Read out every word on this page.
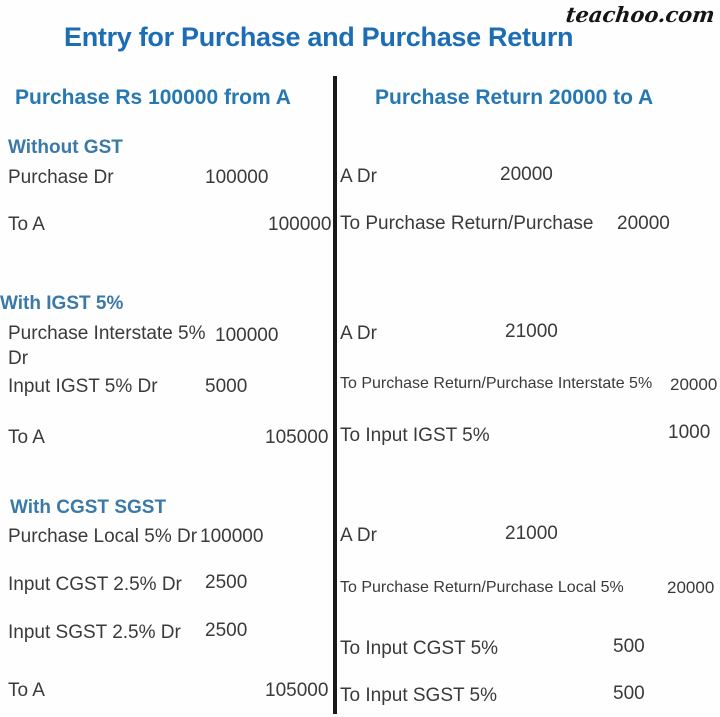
teachoo.com
Entry for Purchase and Purchase Return
Purchase Rs 100000 from A	Purchase Return 20000 to A
Without GST
Purchase Dr	100000
To A	100000
With IGST 5%
Purchase Interstate 5% Dr
100000
Input IGST 5% Dr 5000
To A	105000
With CGST SGST
Purchase Local 5% Dr 100000
Input CGST 2.5% Dr 2500
Input SGST 2.5% Dr 2500
To A	105000
A Dr	20000
To Purchase Return/Purchase 20000
A Dr	21000
To Purchase Return/Purchase Interstate 5% 20000
To Input IGST 5%	1000
A Dr	21000
To Purchase Return/Purchase Local 5%	20000
To Input CGST 5%	500
To Input SGST 5%	500
